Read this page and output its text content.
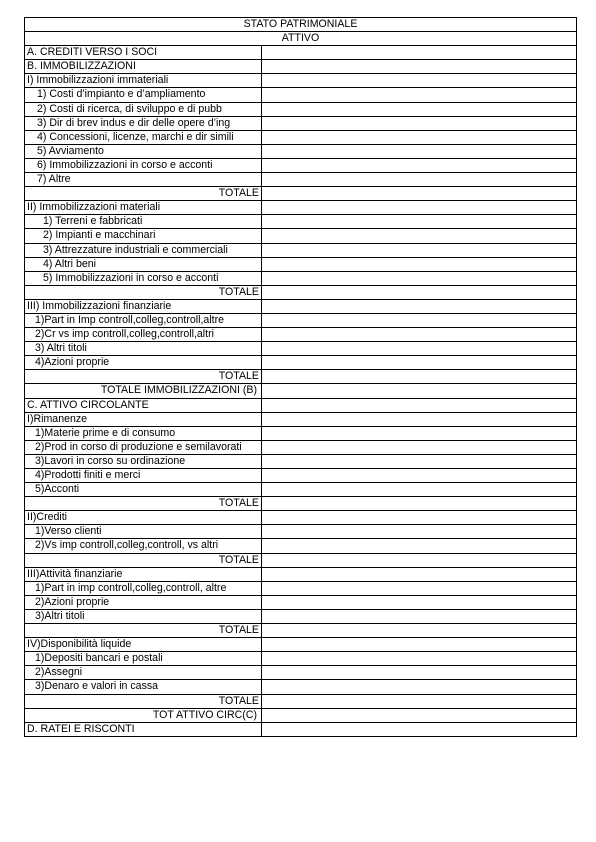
STATO PATRIMONIALE	
ATTIVO	
A. CREDITI VERSO I SOCI	
B. IMMOBILIZZAZIONI	
I) Immobilizzazioni immateriali	
1) Costi d’impianto e d’ampliamento	
2) Costi di ricerca, di sviluppo e di pubb	
3) Dir di brev indus e dir delle opere d’ing	
4) Concessioni, licenze, marchi e dir simili	
5) Avviamento	
6) Immobilizzazioni in corso e acconti	
7) Altre	
TOTALE	
II) Immobilizzazioni materiali	
1) Terreni e fabbricati	
2) Impianti e macchinari	
3) Attrezzature industriali e commerciali	
4) Altri beni	
5) Immobilizzazioni in corso e acconti	
TOTALE	
III) Immobilizzazioni finanziarie	
1)Part in Imp controll,colleg,controll,altre	
2)Cr vs imp controll,colleg,controll,altri	
3) Altri titoli	
4)Azioni proprie	
TOTALE	
TOTALE IMMOBILIZZAZIONI (B)	
C. ATTIVO CIRCOLANTE	
I)Rimanenze	
1)Materie prime e di consumo	
2)Prod in corso di produzione e semilavorati	
3)Lavori in corso su ordinazione	
4)Prodotti finiti e merci	
5)Acconti	
TOTALE	
II)Crediti	
1)Verso clienti	
2)Vs imp controll,colleg,controll, vs altri	
TOTALE	
III)Attività finanziarie	
1)Part in imp controll,colleg,controll, altre	
2)Azioni proprie	
3)Altri titoli	
TOTALE	
IV)Disponibilità liquide	
1)Depositi bancari e postali	
2)Assegni	
3)Denaro e valori in cassa	
TOTALE	
TOT ATTIVO CIRC(C)	
D. RATEI E RISCONTI	
